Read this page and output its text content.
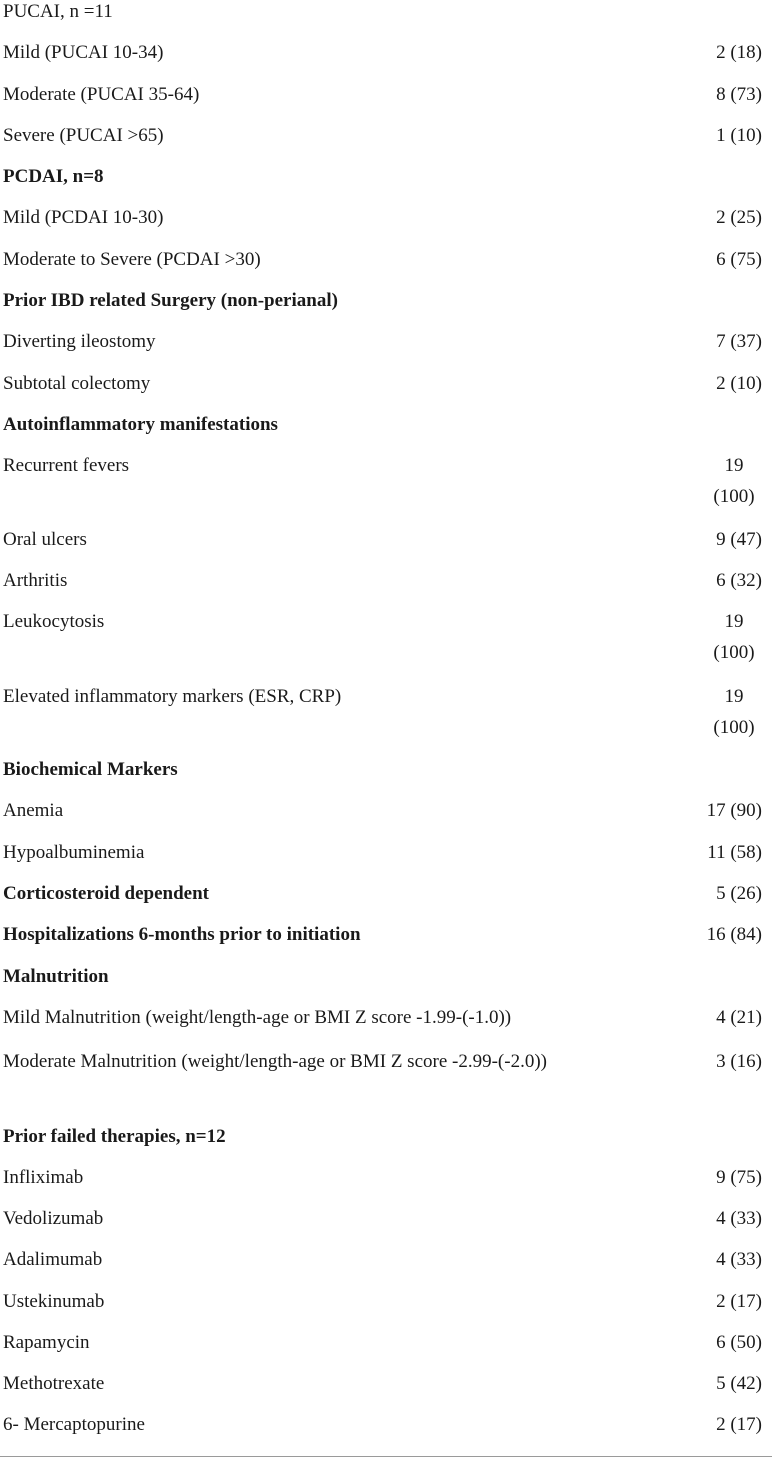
PUCAI, n =11
Mild (PUCAI 10-34)	2 (18)
Moderate (PUCAI 35-64)	8 (73)
Severe (PUCAI >65)	1 (10)
PCDAI, n=8
Mild (PCDAI 10-30)	2 (25)
Moderate to Severe (PCDAI >30)	6 (75)
Prior IBD related Surgery (non-perianal)
Diverting ileostomy	7 (37)
Subtotal colectomy	2 (10)
Autoinflammatory manifestations
Recurrent fevers	19 (100)
Oral ulcers	9 (47)
Arthritis	6 (32)
Leukocytosis	19 (100)
Elevated inflammatory markers (ESR, CRP)	19 (100)
Biochemical Markers
Anemia	17 (90)
Hypoalbuminemia	11 (58)
Corticosteroid dependent	5 (26)
Hospitalizations 6-months prior to initiation	16 (84)
Malnutrition
Mild Malnutrition (weight/length-age or BMI Z score -1.99-(-1.0))	4 (21)
Moderate Malnutrition (weight/length-age or BMI Z score -2.99-(-2.0))	3 (16)
Prior failed therapies, n=12
Infliximab	9 (75)
Vedolizumab	4 (33)
Adalimumab	4 (33)
Ustekinumab	2 (17)
Rapamycin	6 (50)
Methotrexate	5 (42)
6- Mercaptopurine	2 (17)
